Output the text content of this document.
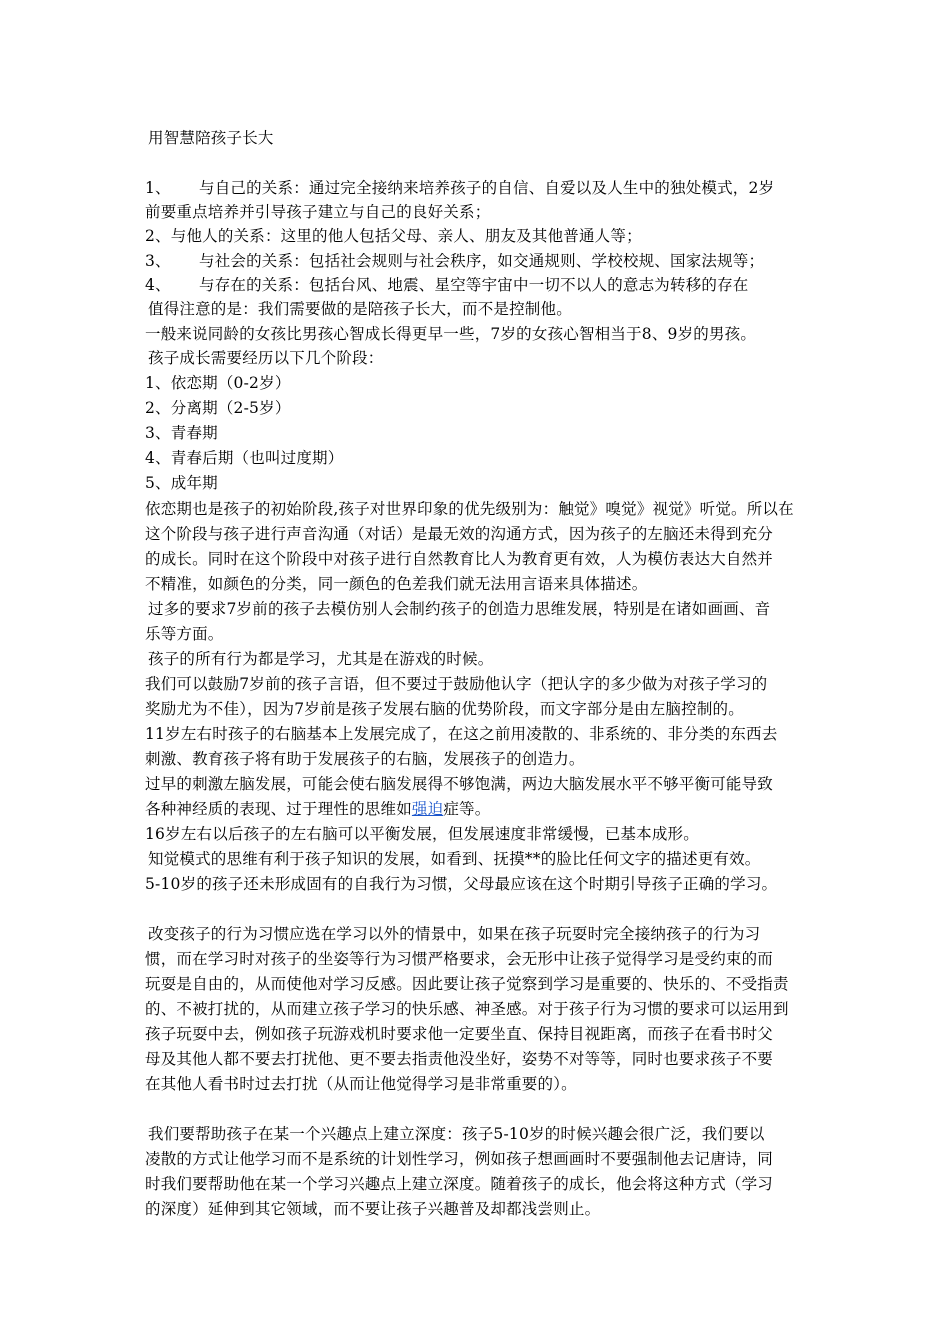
用智慧陪孩子长大
1、 与自己的关系：通过完全接纳来培养孩子的自信、自爱以及人生中的独处模式，2岁
前要重点培养并引导孩子建立与自己的良好关系；
2、与他人的关系：这里的他人包括父母、亲人、朋友及其他普通人等；
3、 与社会的关系：包括社会规则与社会秩序，如交通规则、学校校规、国家法规等；
4、 与存在的关系：包括台风、地震、星空等宇宙中一切不以人的意志为转移的存在
值得注意的是：我们需要做的是陪孩子长大，而不是控制他。
一般来说同龄的女孩比男孩心智成长得更早一些，7岁的女孩心智相当于8、9岁的男孩。
孩子成长需要经历以下几个阶段：
1、依恋期（0-2岁）
2、分离期（2-5岁）
3、青春期
4、青春后期（也叫过度期）
5、成年期
依恋期也是孩子的初始阶段,孩子对世界印象的优先级别为：触觉》嗅觉》视觉》听觉。所以在
这个阶段与孩子进行声音沟通（对话）是最无效的沟通方式，因为孩子的左脑还未得到充分
的成长。同时在这个阶段中对孩子进行自然教育比人为教育更有效，人为模仿表达大自然并
不精准，如颜色的分类，同一颜色的色差我们就无法用言语来具体描述。
过多的要求7岁前的孩子去模仿别人会制约孩子的创造力思维发展，特别是在诸如画画、音
乐等方面。
孩子的所有行为都是学习，尤其是在游戏的时候。
我们可以鼓励7岁前的孩子言语，但不要过于鼓励他认字（把认字的多少做为对孩子学习的
奖励尤为不佳），因为7岁前是孩子发展右脑的优势阶段，而文字部分是由左脑控制的。
11岁左右时孩子的右脑基本上发展完成了，在这之前用凌散的、非系统的、非分类的东西去
刺激、教育孩子将有助于发展孩子的右脑，发展孩子的创造力。
过早的刺激左脑发展，可能会使右脑发展得不够饱满，两边大脑发展水平不够平衡可能导致
各种神经质的表现、过于理性的思维如强迫症等。
16岁左右以后孩子的左右脑可以平衡发展，但发展速度非常缓慢，已基本成形。
知觉模式的思维有利于孩子知识的发展，如看到、抚摸**的脸比任何文字的描述更有效。
5-10岁的孩子还未形成固有的自我行为习惯，父母最应该在这个时期引导孩子正确的学习。
改变孩子的行为习惯应选在学习以外的情景中，如果在孩子玩耍时完全接纳孩子的行为习
惯，而在学习时对孩子的坐姿等行为习惯严格要求，会无形中让孩子觉得学习是受约束的而
玩耍是自由的，从而使他对学习反感。因此要让孩子觉察到学习是重要的、快乐的、不受指责
的、不被打扰的，从而建立孩子学习的快乐感、神圣感。对于孩子行为习惯的要求可以运用到
孩子玩耍中去，例如孩子玩游戏机时要求他一定要坐直、保持目视距离，而孩子在看书时父
母及其他人都不要去打扰他、更不要去指责他没坐好，姿势不对等等，同时也要求孩子不要
在其他人看书时过去打扰（从而让他觉得学习是非常重要的）。
我们要帮助孩子在某一个兴趣点上建立深度：孩子5-10岁的时候兴趣会很广泛，我们要以
凌散的方式让他学习而不是系统的计划性学习，例如孩子想画画时不要强制他去记唐诗，同
时我们要帮助他在某一个学习兴趣点上建立深度。随着孩子的成长，他会将这种方式（学习
的深度）延伸到其它领域，而不要让孩子兴趣普及却都浅尝则止。
